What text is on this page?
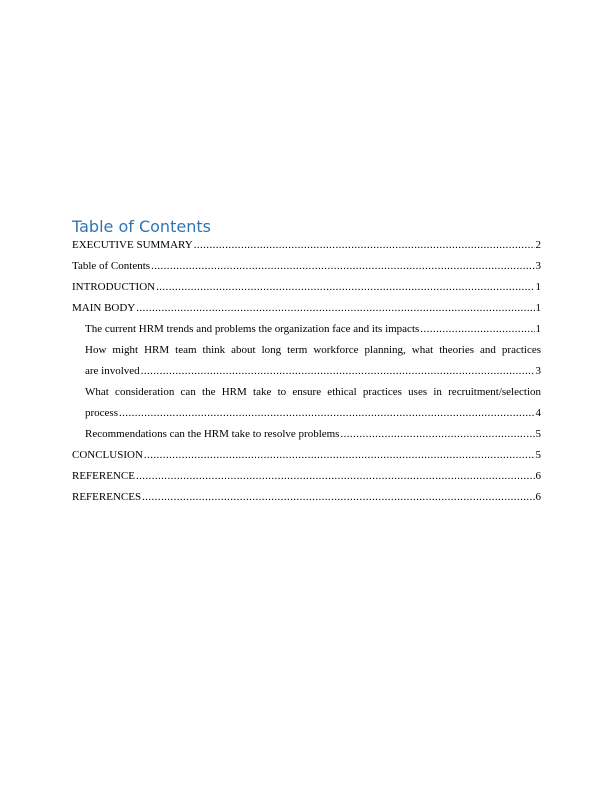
Table of Contents
EXECUTIVE SUMMARY .....	2
Table of Contents .....	3
INTRODUCTION .....	1
MAIN BODY .....	1
The current HRM trends and problems the organization face and its impacts .....	1
How might HRM team think about long term workforce planning, what theories and practices
are involved .....	3
What consideration can the HRM take to ensure ethical practices uses in recruitment/selection
process .....	4
Recommendations can the HRM take to resolve problems .....	5
CONCLUSION .....	5
REFERENCE .....	6
REFERENCES .....	6
